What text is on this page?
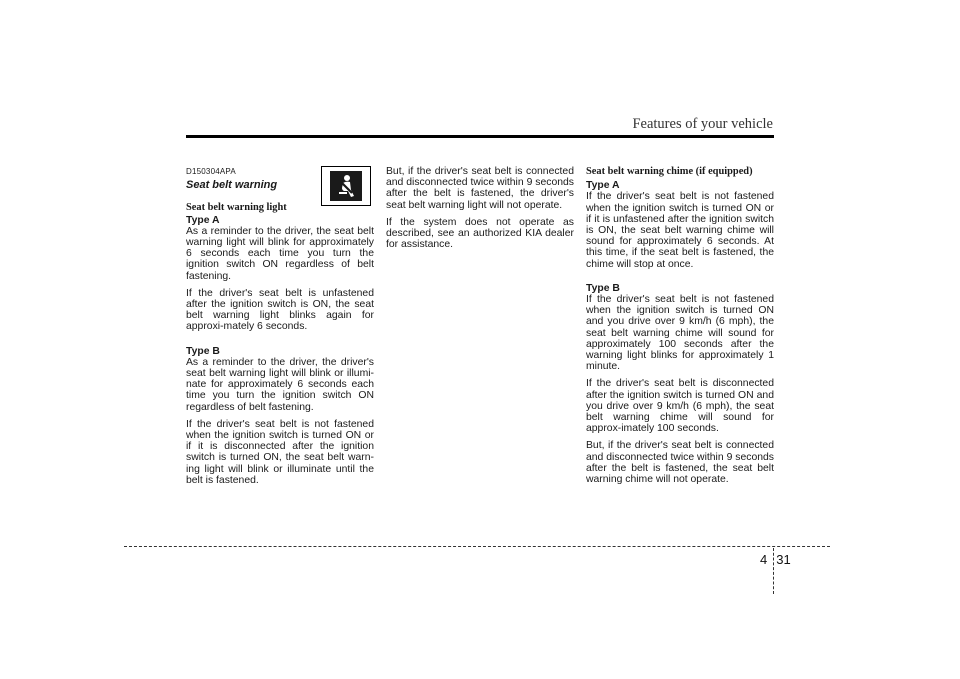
Features of your vehicle
D150304APA
Seat belt warning
Seat belt warning light
Type A

As a reminder to the driver, the seat belt warning light will blink for approximately 6 seconds each time you turn the ignition switch ON regardless of belt fastening.

If the driver's seat belt is unfastened after the ignition switch is ON, the seat belt warning light blinks again for approxi-mately 6 seconds.

Type B

As a reminder to the driver, the driver's seat belt warning light will blink or illumi-nate for approximately 6 seconds each time you turn the ignition switch ON regardless of belt fastening.

If the driver's seat belt is not fastened when the ignition switch is turned ON or if it is disconnected after the ignition switch is turned ON, the seat belt warn-ing light will blink or illuminate until the belt is fastened.

But, if the driver's seat belt is connected and disconnected twice within 9 seconds after the belt is fastened, the driver's seat belt warning light will not operate.

If the system does not operate as described, see an authorized KIA dealer for assistance.

Seat belt warning chime (if equipped)
Type A

If the driver's seat belt is not fastened when the ignition switch is turned ON or if it is unfastened after the ignition switch is ON, the seat belt warning chime will sound for approximately 6 seconds. At this time, if the seat belt is fastened, the chime will stop at once.

Type B

If the driver's seat belt is not fastened when the ignition switch is turned ON and you drive over 9 km/h (6 mph), the seat belt warning chime will sound for approximately 100 seconds after the warning light blinks for approximately 1 minute.

If the driver's seat belt is disconnected after the ignition switch is turned ON and you drive over 9 km/h (6 mph), the seat belt warning chime will sound for approx-imately 100 seconds.

But, if the driver's seat belt is connected and disconnected twice within 9 seconds after the belt is fastened, the seat belt warning chime will not operate.

4 31
